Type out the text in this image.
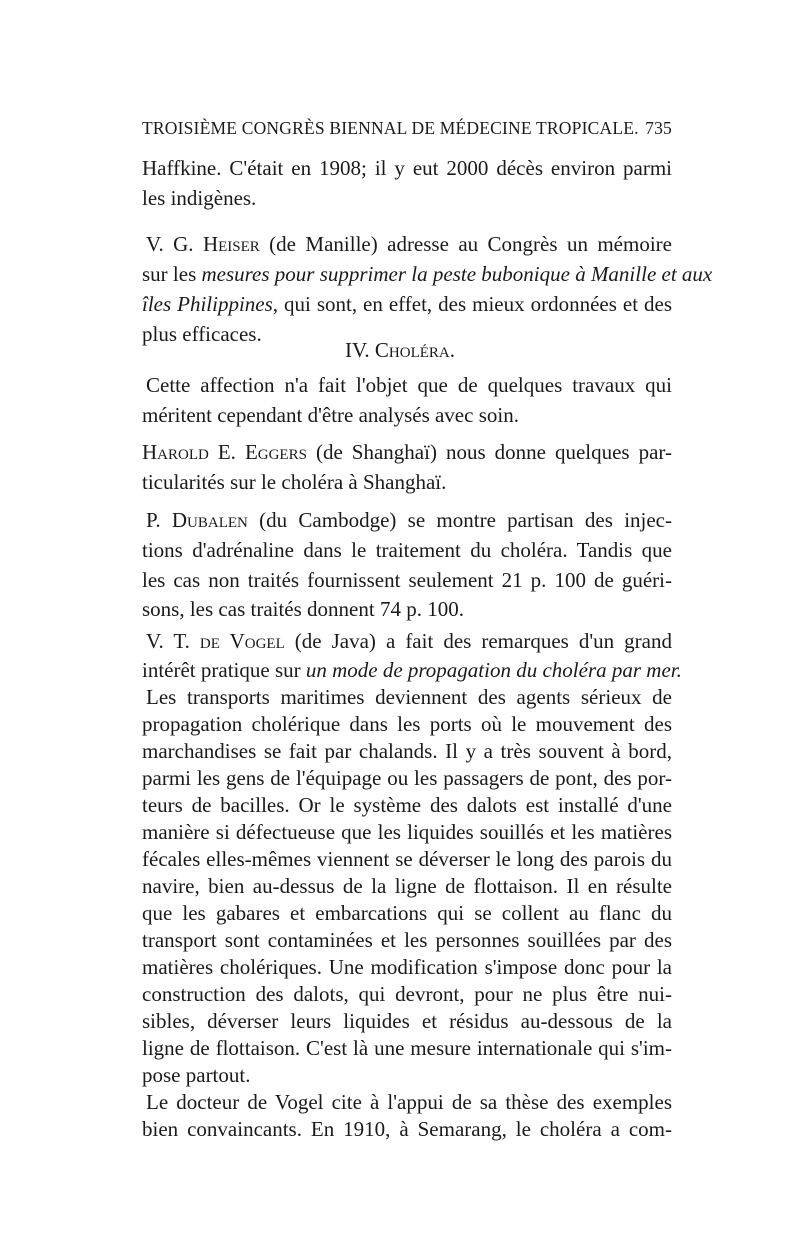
TROISIÈME CONGRÈS BIENNAL DE MÉDECINE TROPICALE. 735
Haffkine. C'était en 1908; il y eut 2000 décès environ parmi
les indigènes.
V. G. Heiser (de Manille) adresse au Congrès un mémoire
sur les mesures pour supprimer la peste bubonique à Manille et aux
îles Philippines, qui sont, en effet, des mieux ordonnées et des
plus efficaces.
IV. Choléra.
Cette affection n'a fait l'objet que de quelques travaux qui
méritent cependant d'être analysés avec soin.
Harold E. Eggers (de Shanghaï) nous donne quelques par-
ticularités sur le choléra à Shanghaï.
P. Dubalen (du Cambodge) se montre partisan des injec-
tions d'adrénaline dans le traitement du choléra. Tandis que
les cas non traités fournissent seulement 21 p. 100 de guéri-
sons, les cas traités donnent 74 p. 100.
V. T. de Vogel (de Java) a fait des remarques d'un grand
intérêt pratique sur un mode de propagation du choléra par mer.
Les transports maritimes deviennent des agents sérieux de
propagation cholérique dans les ports où le mouvement des
marchandises se fait par chalands. Il y a très souvent à bord,
parmi les gens de l'équipage ou les passagers de pont, des por-
teurs de bacilles. Or le système des dalots est installé d'une
manière si défectueuse que les liquides souillés et les matières
fécales elles-mêmes viennent se déverser le long des parois du
navire, bien au-dessus de la ligne de flottaison. Il en résulte
que les gabares et embarcations qui se collent au flanc du
transport sont contaminées et les personnes souillées par des
matières cholériques. Une modification s'impose donc pour la
construction des dalots, qui devront, pour ne plus être nui-
sibles, déverser leurs liquides et résidus au-dessous de la
ligne de flottaison. C'est là une mesure internationale qui s'im-
pose partout.
Le docteur de Vogel cite à l'appui de sa thèse des exemples
bien convaincants. En 1910, à Semarang, le choléra a com-
